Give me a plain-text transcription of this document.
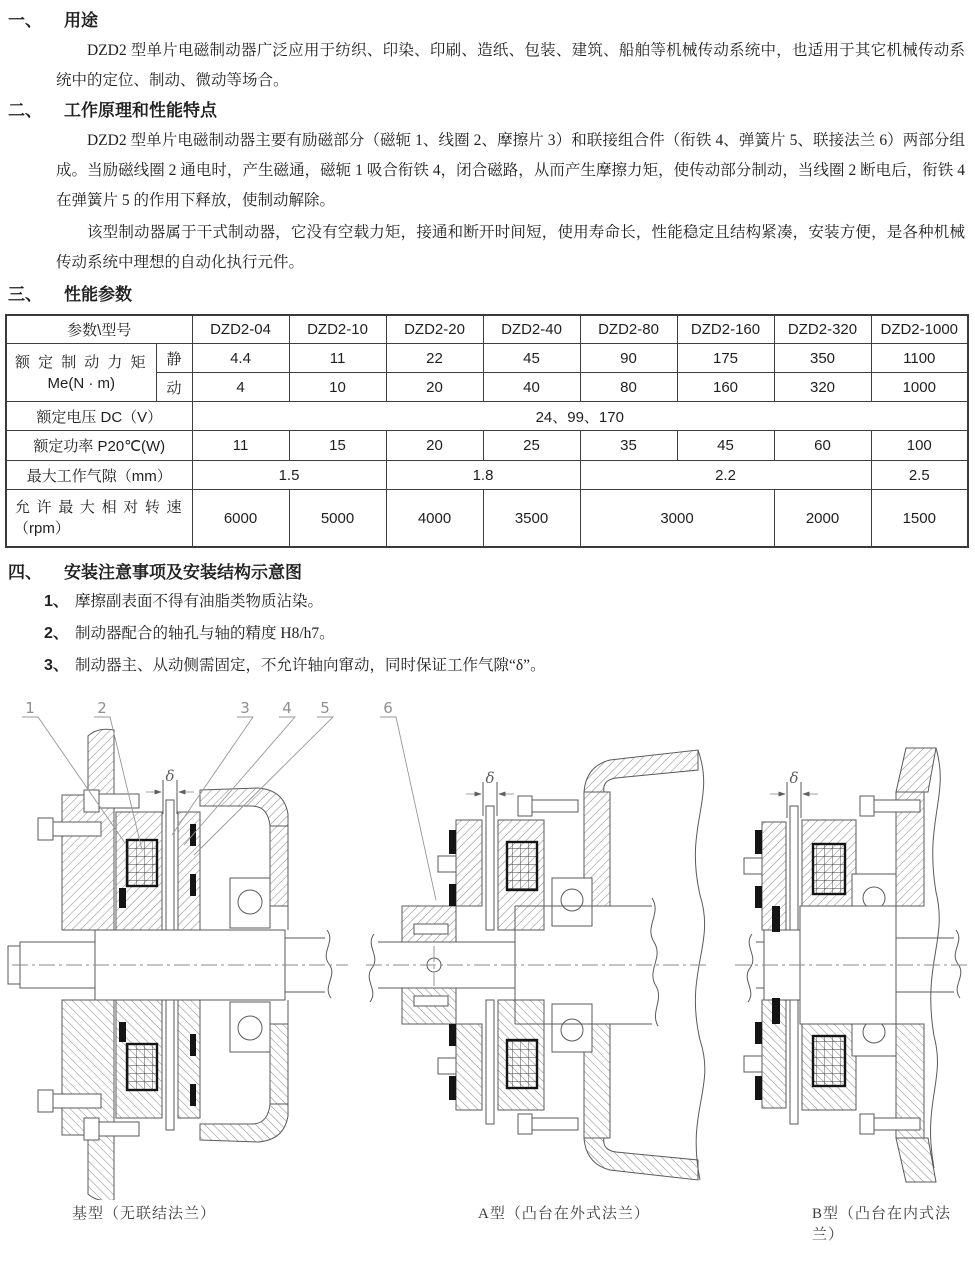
一、	用途

DZD2 型单片电磁制动器广泛应用于纺织、印染、印刷、造纸、包装、建筑、船舶等机械传动系统中，也适用于其它机械传动系统中的定位、制动、微动等场合。

二、	工作原理和性能特点

DZD2 型单片电磁制动器主要有励磁部分（磁轭 1、线圈 2、摩擦片 3）和联接组合件（衔铁 4、弹簧片 5、联接法兰 6）两部分组成。当励磁线圈 2 通电时，产生磁通，磁轭 1 吸合衔铁 4，闭合磁路，从而产生摩擦力矩，使传动部分制动，当线圈 2 断电后，衔铁 4 在弹簧片 5 的作用下释放，使制动解除。

该型制动器属于干式制动器，它没有空载力矩，接通和断开时间短，使用寿命长，性能稳定且结构紧凑，安装方便，是各种机械传动系统中理想的自动化执行元件。

三、	性能参数
参数\型号		DZD2-04	DZD2-10	DZD2-20	DZD2-40	DZD2-80	DZD2-160	DZD2-320	DZD2-1000

额定制动力矩
Me(N · m)	静	4.4	11	22	45	90	175	350	1100
	动	4	10	20	40	80	160	320	1000
额定电压 DC（V）		24、99、170							
额定功率 P20℃(W)		11	15	20	25	35	45	60	100
最大工作气隙（mm）		1.5		1.8		2.2			2.5

允许最大相对转速
（rpm）		6000	5000	4000	3500	3000		2000	1500
四、	安装注意事项及安装结构示意图
1、 摩擦副表面不得有油脂类物质沾染。
2、 制动器配合的轴孔与轴的精度 H8/h7。
3、 制动器主、从动侧需固定，不允许轴向窜动，同时保证工作气隙“δ”。
δ
1	2	3 4 5
δ
6
δ
基型（无联结法兰）	A型（凸台在外式法兰）	B型（凸台在内式法兰）
